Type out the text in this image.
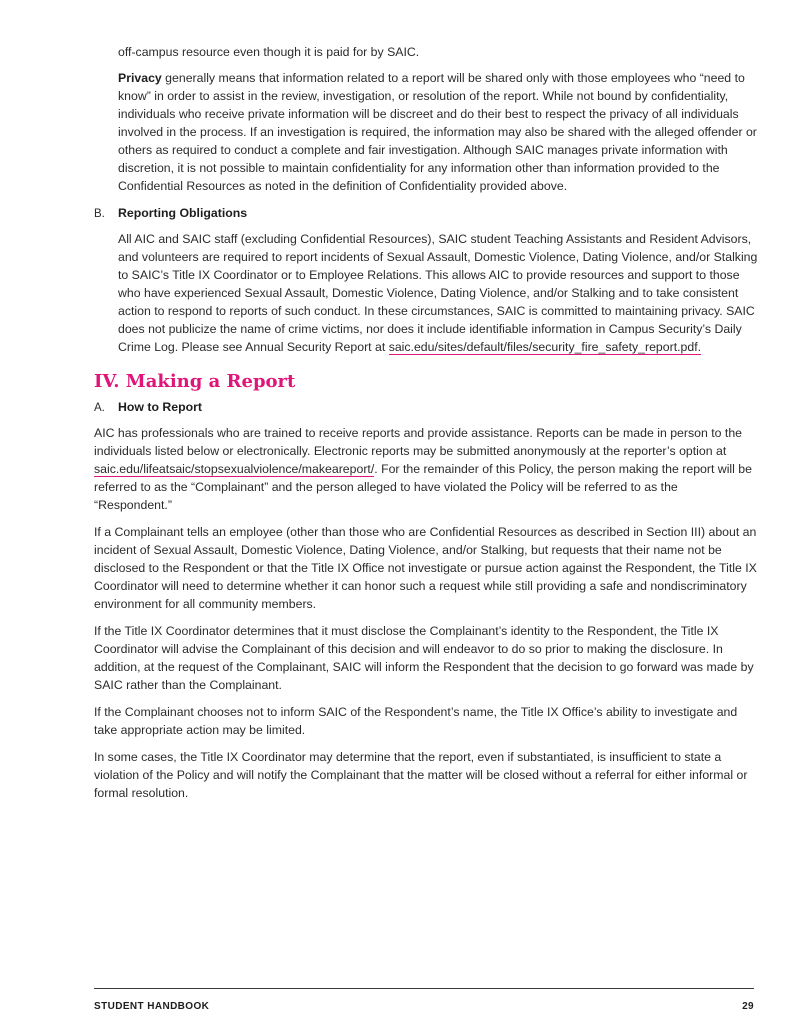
off-campus resource even though it is paid for by SAIC.

Privacy generally means that information related to a report will be shared only with those employees who “need to know” in order to assist in the review, investigation, or resolution of the report. While not bound by confidentiality, individuals who receive private information will be discreet and do their best to respect the privacy of all individuals involved in the process. If an investigation is required, the information may also be shared with the alleged offender or others as required to conduct a complete and fair investigation. Although SAIC manages private information with discretion, it is not possible to maintain confidentiality for any information other than information provided to the Confidential Resources as noted in the definition of Confidentiality provided above.

B.	Reporting Obligations

All AIC and SAIC staff (excluding Confidential Resources), SAIC student Teaching Assistants and Resident Advisors, and volunteers are required to report incidents of Sexual Assault, Domestic Violence, Dating Violence, and/or Stalking to SAIC’s Title IX Coordinator or to Employee Relations. This allows AIC to provide resources and support to those who have experienced Sexual Assault, Domestic Violence, Dating Violence, and/or Stalking and to take consistent action to respond to reports of such conduct. In these circumstances, SAIC is committed to maintaining privacy. SAIC does not publicize the name of crime victims, nor does it include identifiable information in Campus Security’s Daily Crime Log. Please see Annual Security Report at saic.edu/sites/default/files/security_fire_safety_report.pdf.

IV. Making a Report
A.	How to Report

AIC has professionals who are trained to receive reports and provide assistance. Reports can be made in person to the individuals listed below or electronically. Electronic reports may be submitted anonymously at the reporter’s option at saic.edu/lifeatsaic/stopsexualviolence/makeareport/. For the remainder of this Policy, the person making the report will be referred to as the “Complainant” and the person alleged to have violated the Policy will be referred to as the “Respondent.”

If a Complainant tells an employee (other than those who are Confidential Resources as described in Section III) about an incident of Sexual Assault, Domestic Violence, Dating Violence, and/or Stalking, but requests that their name not be disclosed to the Respondent or that the Title IX Office not investigate or pursue action against the Respondent, the Title IX Coordinator will need to determine whether it can honor such a request while still providing a safe and nondiscriminatory environment for all community members.

If the Title IX Coordinator determines that it must disclose the Complainant’s identity to the Respondent, the Title IX Coordinator will advise the Complainant of this decision and will endeavor to do so prior to making the disclosure. In addition, at the request of the Complainant, SAIC will inform the Respondent that the decision to go forward was made by SAIC rather than the Complainant.

If the Complainant chooses not to inform SAIC of the Respondent’s name, the Title IX Office’s ability to investigate and take appropriate action may be limited.

In some cases, the Title IX Coordinator may determine that the report, even if substantiated, is insufficient to state a violation of the Policy and will notify the Complainant that the matter will be closed without a referral for either informal or formal resolution.

STUDENT HANDBOOK	29
